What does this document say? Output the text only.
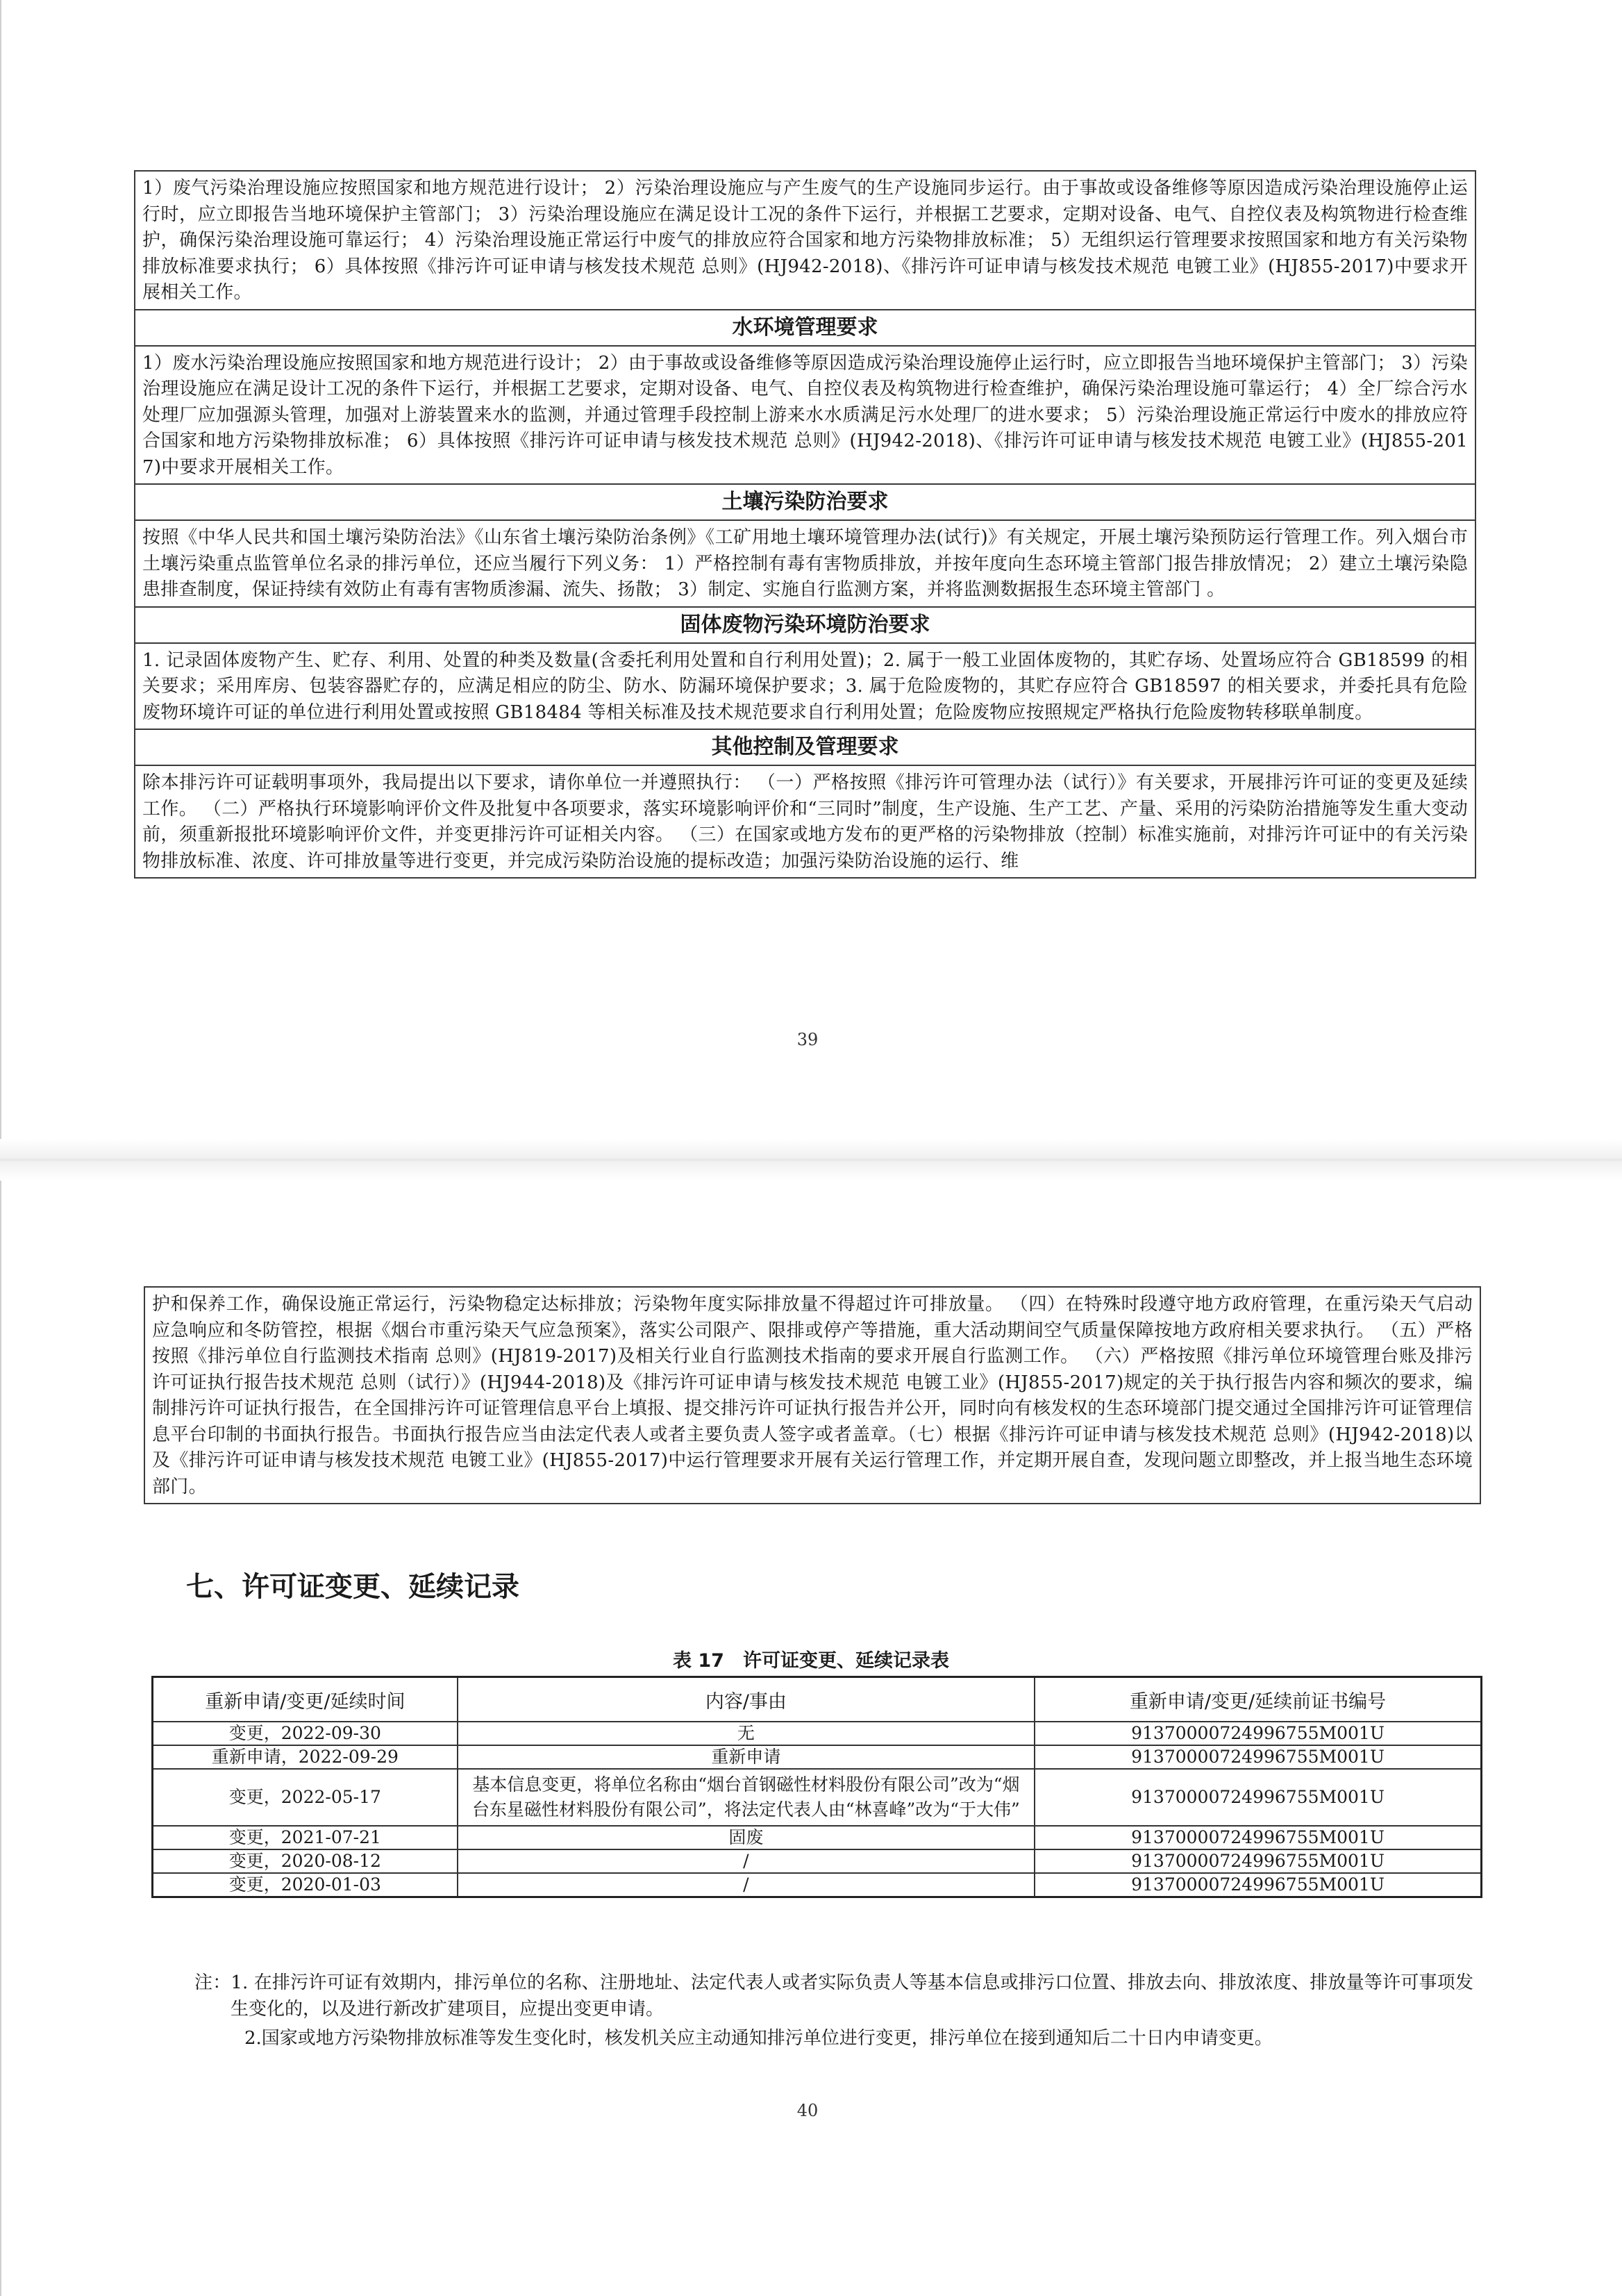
1）废气污染治理设施应按照国家和地方规范进行设计； 2）污染治理设施应与产生废气的生产设施同步运行。由于事故或设备维修等原因造成污染治理设施停止运行时，应立即报告当地环境保护主管部门； 3）污染治理设施应在满足设计工况的条件下运行，并根据工艺要求，定期对设备、电气、自控仪表及构筑物进行检查维护，确保污染治理设施可靠运行； 4）污染治理设施正常运行中废气的排放应符合国家和地方污染物排放标准； 5）无组织运行管理要求按照国家和地方有关污染物排放标准要求执行； 6）具体按照《排污许可证申请与核发技术规范 总则》(HJ942-2018)、《排污许可证申请与核发技术规范 电镀工业》(HJ855-2017)中要求开展相关工作。
水环境管理要求
1）废水污染治理设施应按照国家和地方规范进行设计； 2）由于事故或设备维修等原因造成污染治理设施停止运行时，应立即报告当地环境保护主管部门； 3）污染治理设施应在满足设计工况的条件下运行，并根据工艺要求，定期对设备、电气、自控仪表及构筑物进行检查维护，确保污染治理设施可靠运行； 4）全厂综合污水处理厂应加强源头管理，加强对上游装置来水的监测，并通过管理手段控制上游来水水质满足污水处理厂的进水要求； 5）污染治理设施正常运行中废水的排放应符合国家和地方污染物排放标准； 6）具体按照《排污许可证申请与核发技术规范 总则》(HJ942-2018)、《排污许可证申请与核发技术规范 电镀工业》(HJ855-2017)中要求开展相关工作。
土壤污染防治要求
按照《中华人民共和国土壤污染防治法》《山东省土壤污染防治条例》《工矿用地土壤环境管理办法(试行)》有关规定，开展土壤污染预防运行管理工作。列入烟台市土壤污染重点监管单位名录的排污单位，还应当履行下列义务： 1）严格控制有毒有害物质排放，并按年度向生态环境主管部门报告排放情况； 2）建立土壤污染隐患排查制度，保证持续有效防止有毒有害物质渗漏、流失、扬散； 3）制定、实施自行监测方案，并将监测数据报生态环境主管部门 。
固体废物污染环境防治要求
1. 记录固体废物产生、贮存、利用、处置的种类及数量(含委托利用处置和自行利用处置)；2. 属于一般工业固体废物的，其贮存场、处置场应符合 GB18599 的相关要求；采用库房、包装容器贮存的，应满足相应的防尘、防水、防漏环境保护要求；3. 属于危险废物的，其贮存应符合 GB18597 的相关要求，并委托具有危险废物环境许可证的单位进行利用处置或按照 GB18484 等相关标准及技术规范要求自行利用处置；危险废物应按照规定严格执行危险废物转移联单制度。
其他控制及管理要求
除本排污许可证载明事项外，我局提出以下要求，请你单位一并遵照执行： （一）严格按照《排污许可管理办法（试行）》有关要求，开展排污许可证的变更及延续工作。 （二）严格执行环境影响评价文件及批复中各项要求，落实环境影响评价和“三同时”制度，生产设施、生产工艺、产量、采用的污染防治措施等发生重大变动前，须重新报批环境影响评价文件，并变更排污许可证相关内容。 （三）在国家或地方发布的更严格的污染物排放（控制）标准实施前，对排污许可证中的有关污染物排放标准、浓度、许可排放量等进行变更，并完成污染防治设施的提标改造；加强污染防治设施的运行、维
39
护和保养工作，确保设施正常运行，污染物稳定达标排放；污染物年度实际排放量不得超过许可排放量。 （四）在特殊时段遵守地方政府管理，在重污染天气启动应急响应和冬防管控，根据《烟台市重污染天气应急预案》，落实公司限产、限排或停产等措施，重大活动期间空气质量保障按地方政府相关要求执行。 （五）严格按照《排污单位自行监测技术指南 总则》(HJ819-2017)及相关行业自行监测技术指南的要求开展自行监测工作。 （六）严格按照《排污单位环境管理台账及排污许可证执行报告技术规范 总则（试行）》(HJ944-2018)及《排污许可证申请与核发技术规范 电镀工业》(HJ855-2017)规定的关于执行报告内容和频次的要求，编制排污许可证执行报告，在全国排污许可证管理信息平台上填报、提交排污许可证执行报告并公开，同时向有核发权的生态环境部门提交通过全国排污许可证管理信息平台印制的书面执行报告。书面执行报告应当由法定代表人或者主要负责人签字或者盖章。（七）根据《排污许可证申请与核发技术规范 总则》(HJ942-2018)以及《排污许可证申请与核发技术规范 电镀工业》(HJ855-2017)中运行管理要求开展有关运行管理工作，并定期开展自查，发现问题立即整改，并上报当地生态环境部门。
七、许可证变更、延续记录
表 17　许可证变更、延续记录表
重新申请/变更/延续时间	内容/事由	重新申请/变更/延续前证书编号
变更，2022-09-30	无	91370000724996755M001U
重新申请，2022-09-29	重新申请	91370000724996755M001U
变更，2022-05-17	基本信息变更，将单位名称由“烟台首钢磁性材料股份有限公司”改为“烟台东星磁性材料股份有限公司”，将法定代表人由“林喜峰”改为“于大伟”	91370000724996755M001U
变更，2021-07-21	固废	91370000724996755M001U
变更，2020-08-12	/	91370000724996755M001U
变更，2020-01-03	/	91370000724996755M001U
注：1. 在排污许可证有效期内，排污单位的名称、注册地址、法定代表人或者实际负责人等基本信息或排污口位置、排放去向、排放浓度、排放量等许可事项发生变化的，以及进行新改扩建项目，应提出变更申请。
2.国家或地方污染物排放标准等发生变化时，核发机关应主动通知排污单位进行变更，排污单位在接到通知后二十日内申请变更。
40
